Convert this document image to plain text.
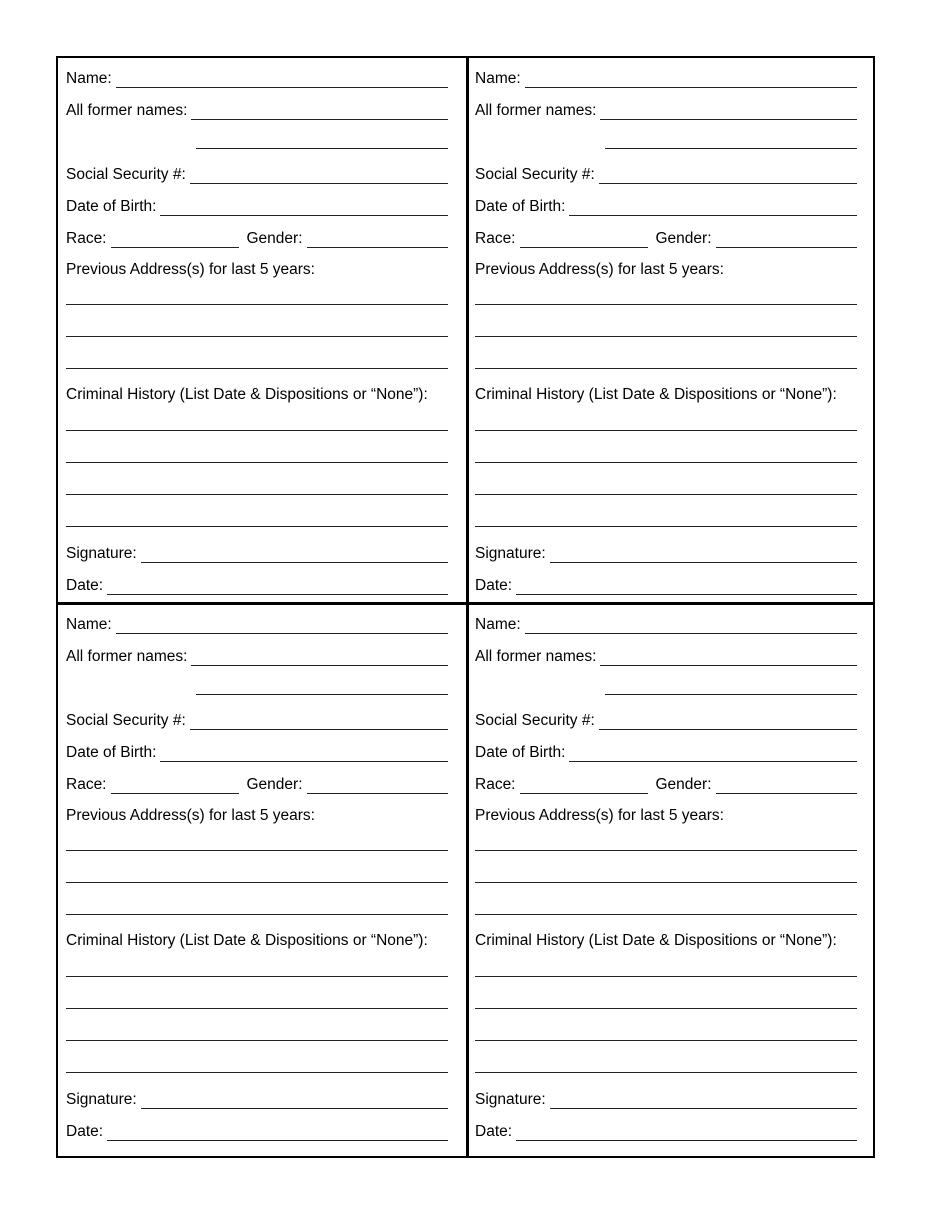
Name:
All former names:
Social Security #:
Date of Birth:
Race:	Gender:
Previous Address(s) for last 5 years:
Criminal History (List Date & Dispositions or “None”):
Signature:
Date:
Name:
All former names:
Social Security #:
Date of Birth:
Race:	Gender:
Previous Address(s) for last 5 years:
Criminal History (List Date & Dispositions or “None”):
Signature:
Date:
Name:
All former names:
Social Security #:
Date of Birth:
Race:	Gender:
Previous Address(s) for last 5 years:
Criminal History (List Date & Dispositions or “None”):
Signature:
Date:
Name:
All former names:
Social Security #:
Date of Birth:
Race:	Gender:
Previous Address(s) for last 5 years:
Criminal History (List Date & Dispositions or “None”):
Signature:
Date:
